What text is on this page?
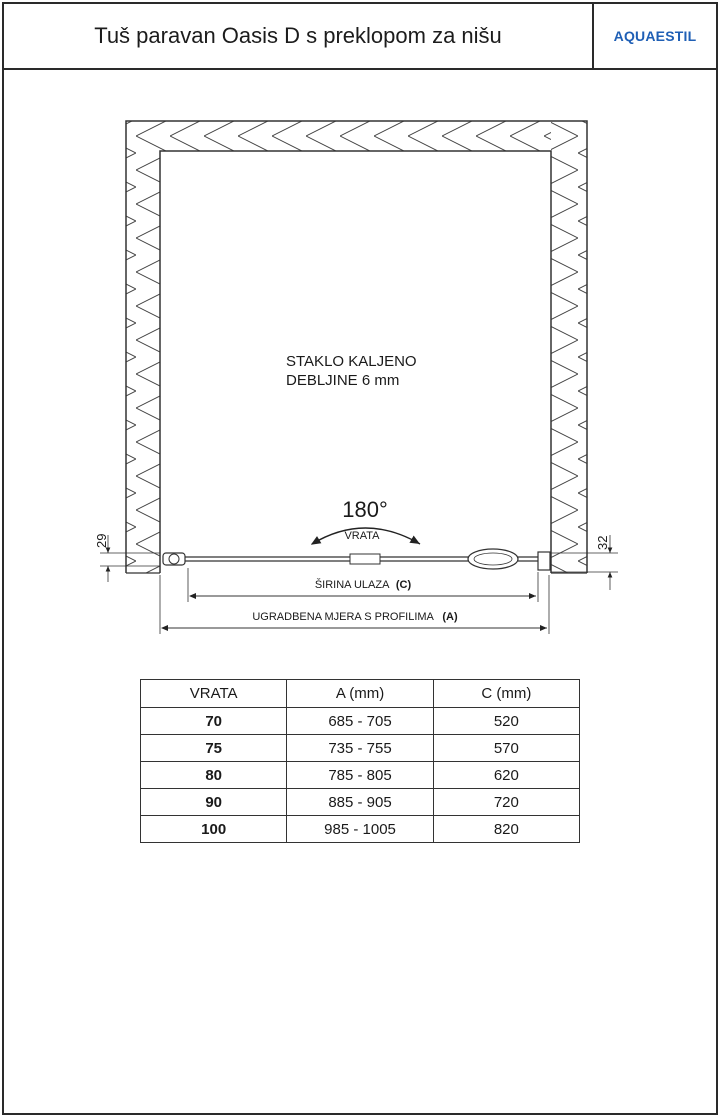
Tuš paravan Oasis D s preklopom za nišu	AQUAESTIL
STAKLO KALJENO
DEBLJINE 6 mm
180°
VRATA
29	32
ŠIRINA ULAZA (C)
UGRADBENA MJERA S PROFILIMA (A)
VRATA	A (mm)	C (mm)
70	685 - 705	520
75	735 - 755	570
80	785 - 805	620
90	885 - 905	720
100	985 - 1005	820
